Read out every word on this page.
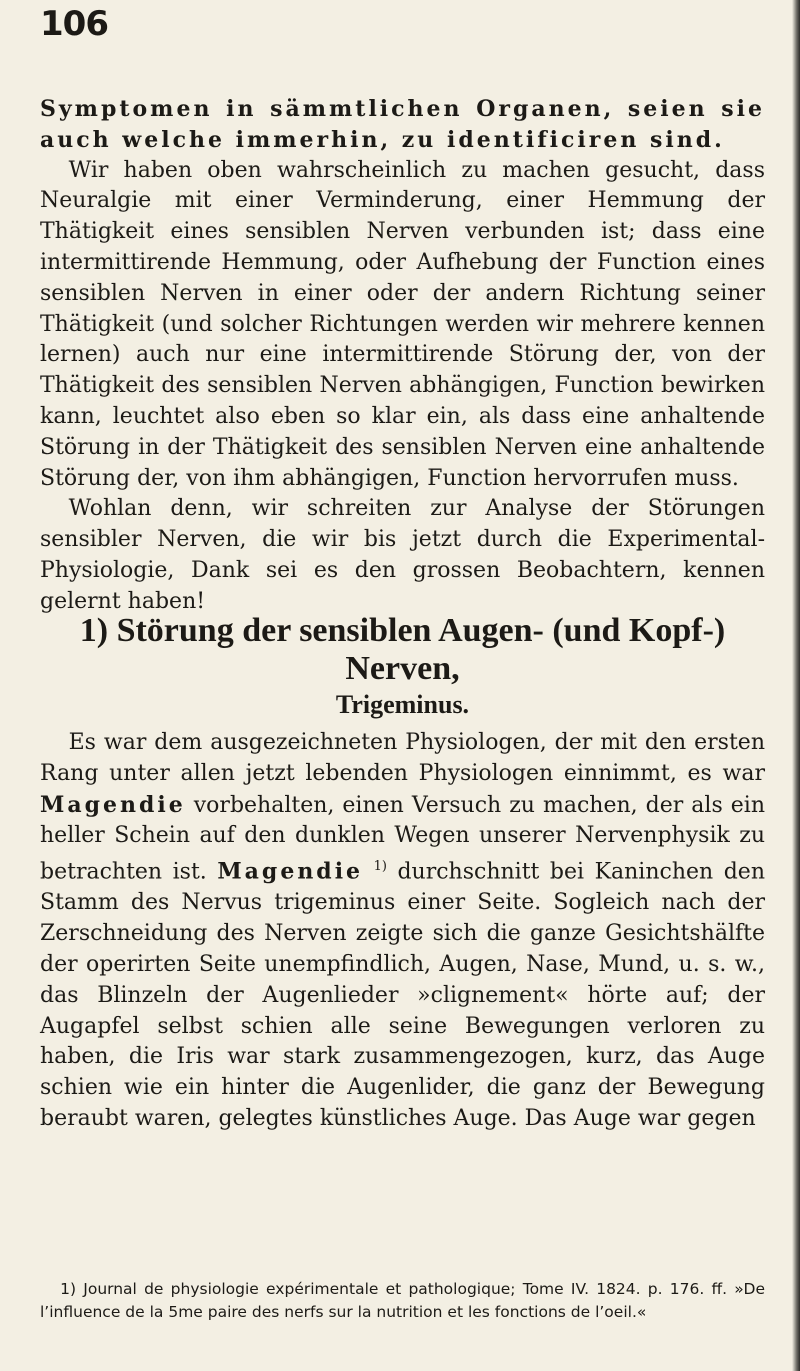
106

Symptomen in sämmtlichen Organen, seien sie auch welche immerhin, zu identificiren sind.

Wir haben oben wahrscheinlich zu machen gesucht, dass Neuralgie mit einer Verminderung, einer Hemmung der Thätigkeit eines sensiblen Nerven verbunden ist; dass eine intermittirende Hemmung, oder Aufhebung der Function eines sensiblen Nerven in einer oder der andern Richtung seiner Thätigkeit (und solcher Richtungen werden wir mehrere kennen lernen) auch nur eine intermittirende Störung der, von der Thätigkeit des sensiblen Nerven abhängigen, Function bewirken kann, leuchtet also eben so klar ein, als dass eine anhaltende Störung in der Thätigkeit des sensiblen Nerven eine anhaltende Störung der, von ihm abhängigen, Function hervorrufen muss.

Wohlan denn, wir schreiten zur Analyse der Störungen sensibler Nerven, die wir bis jetzt durch die Experimental-Physiologie, Dank sei es den grossen Beobachtern, kennen gelernt haben!

1) Störung der sensiblen Augen- (und Kopf-) Nerven,
Trigeminus.

Es war dem ausgezeichneten Physiologen, der mit den ersten Rang unter allen jetzt lebenden Physiologen einnimmt, es war Magendie vorbehalten, einen Versuch zu machen, der als ein heller Schein auf den dunklen Wegen unserer Nervenphysik zu betrachten ist. Magendie $^{1)}$ durchschnitt bei Kaninchen den Stamm des Nervus trigeminus einer Seite. Sogleich nach der Zerschneidung des Nerven zeigte sich die ganze Gesichtshälfte der operirten Seite unempfindlich, Augen, Nase, Mund, u. s. w., das Blinzeln der Augenlieder »clignement« hörte auf; der Augapfel selbst schien alle seine Bewegungen verloren zu haben, die Iris war stark zusammengezogen, kurz, das Auge schien wie ein hinter die Augenlider, die ganz der Bewegung beraubt waren, gelegtes künstliches Auge. Das Auge war gegen

1) Journal de physiologie expérimentale et pathologique; Tome IV. 1824. p. 176. ff. »De l’influence de la 5me paire des nerfs sur la nutrition et les fonctions de l’oeil.«
